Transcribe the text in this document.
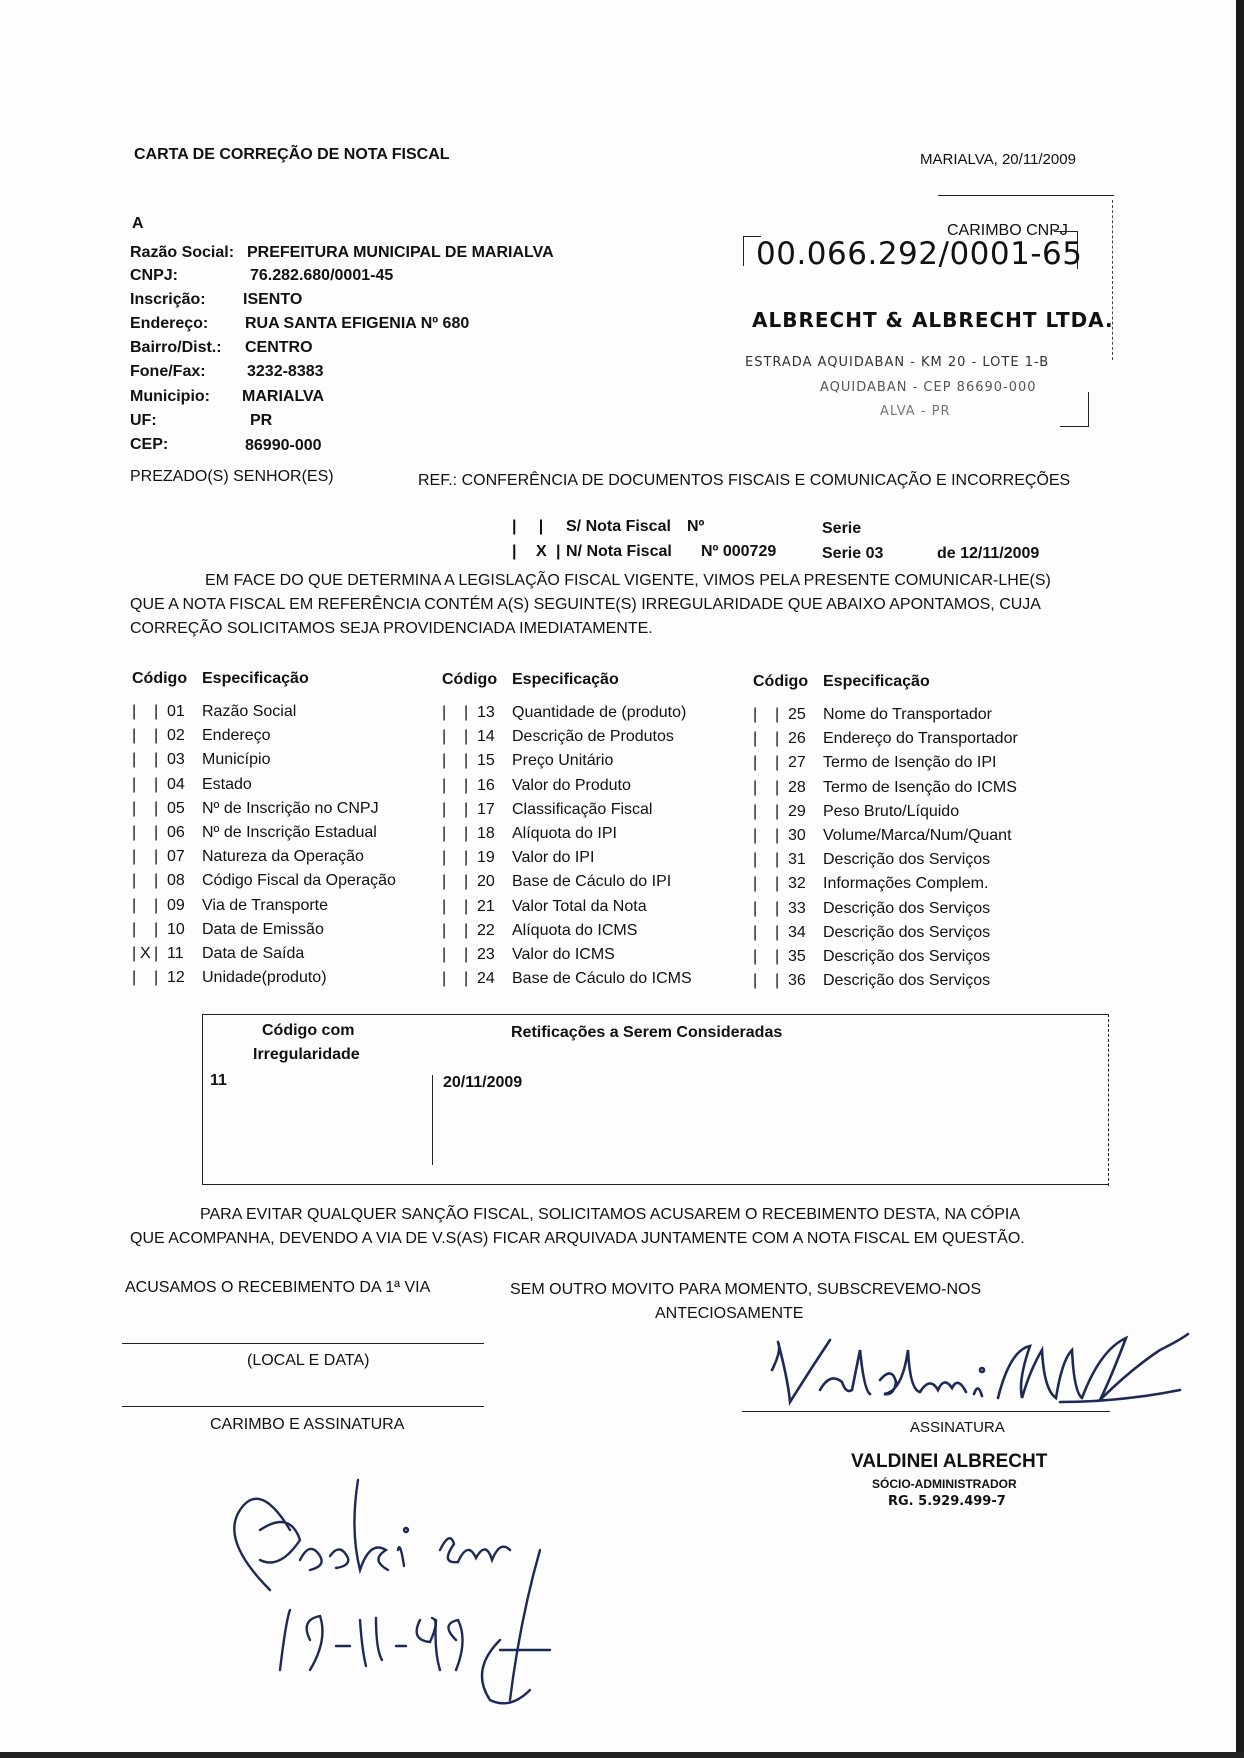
CARTA DE CORREÇÃO DE NOTA FISCAL	MARIALVA, 20/11/2009
A
Razão Social: PREFEITURA MUNICIPAL DE MARIALVA
CNPJ:	76.282.680/0001-45
Inscrição: ISENTO
Endereço: RUA SANTA EFIGENIA Nº 680
Bairro/Dist.: CENTRO
Fone/Fax:	3232-8383
Municipio: MARIALVA
UF:	PR
CEP:	86990-000
CARIMBO CNPJ
00.066.292/0001-65
ALBRECHT & ALBRECHT LTDA.
ESTRADA AQUIDABAN - KM 20 - LOTE 1-B
AQUIDABAN - CEP 86690-000
ALVA - PR
PREZADO(S) SENHOR(ES)	REF.: CONFERÊNCIA DE DOCUMENTOS FISCAIS E COMUNICAÇÃO E INCORREÇÕES
|     | S/ Nota Fiscal Nº	Serie
| X | N/ Nota Fiscal Nº 000729	Serie 03	de 12/11/2009
EM FACE DO QUE DETERMINA A LEGISLAÇÃO FISCAL VIGENTE, VIMOS PELA PRESENTE COMUNICAR-LHE(S)
QUE A NOTA FISCAL EM REFERÊNCIA CONTÉM A(S) SEGUINTE(S) IRREGULARIDADE QUE ABAIXO APONTAMOS, CUJA
CORREÇÃO SOLICITAMOS SEJA PROVIDENCIADA IMEDIATAMENTE.
Código Especificação
| | 01 Razão Social
| | 02 Endereço
| | 03 Município
| | 04 Estado
| | 05 Nº de Inscrição no CNPJ
| | 06 Nº de Inscrição Estadual
| | 07 Natureza da Operação
| | 08 Código Fiscal da Operação
| | 09 Via de Transporte
| | 10 Data de Emissão
| X | 11 Data de Saída
| | 12 Unidade(produto)
Código Especificação
| | 13 Quantidade de (produto)
| | 14 Descrição de Produtos
| | 15 Preço Unitário
| | 16 Valor do Produto
| | 17 Classificação Fiscal
| | 18 Alíquota do IPI
| | 19 Valor do IPI
| | 20 Base de Cáculo do IPI
| | 21 Valor Total da Nota
| | 22 Alíquota do ICMS
| | 23 Valor do ICMS
| | 24 Base de Cáculo do ICMS
Código Especificação
| | 25 Nome do Transportador
| | 26 Endereço do Transportador
| | 27 Termo de Isenção do IPI
| | 28 Termo de Isenção do ICMS
| | 29 Peso Bruto/Líquido
| | 30 Volume/Marca/Num/Quant
| | 31 Descrição dos Serviços
| | 32 Informações Complem.
| | 33 Descrição dos Serviços
| | 34 Descrição dos Serviços
| | 35 Descrição dos Serviços
| | 36 Descrição dos Serviços
Código com
Irregularidade
Retificações a Serem Consideradas
11	20/11/2009
PARA EVITAR QUALQUER SANÇÃO FISCAL, SOLICITAMOS ACUSAREM O RECEBIMENTO DESTA, NA CÓPIA
QUE ACOMPANHA, DEVENDO A VIA DE V.S(AS) FICAR ARQUIVADA JUNTAMENTE COM A NOTA FISCAL EM QUESTÃO.
ACUSAMOS O RECEBIMENTO DA 1ª VIA
(LOCAL E DATA)
CARIMBO E ASSINATURA
SEM OUTRO MOVITO PARA MOMENTO, SUBSCREVEMO-NOS
ANTECIOSAMENTE
ASSINATURA
VALDINEI ALBRECHT
SÓCIO-ADMINISTRADOR
RG. 5.929.499-7
